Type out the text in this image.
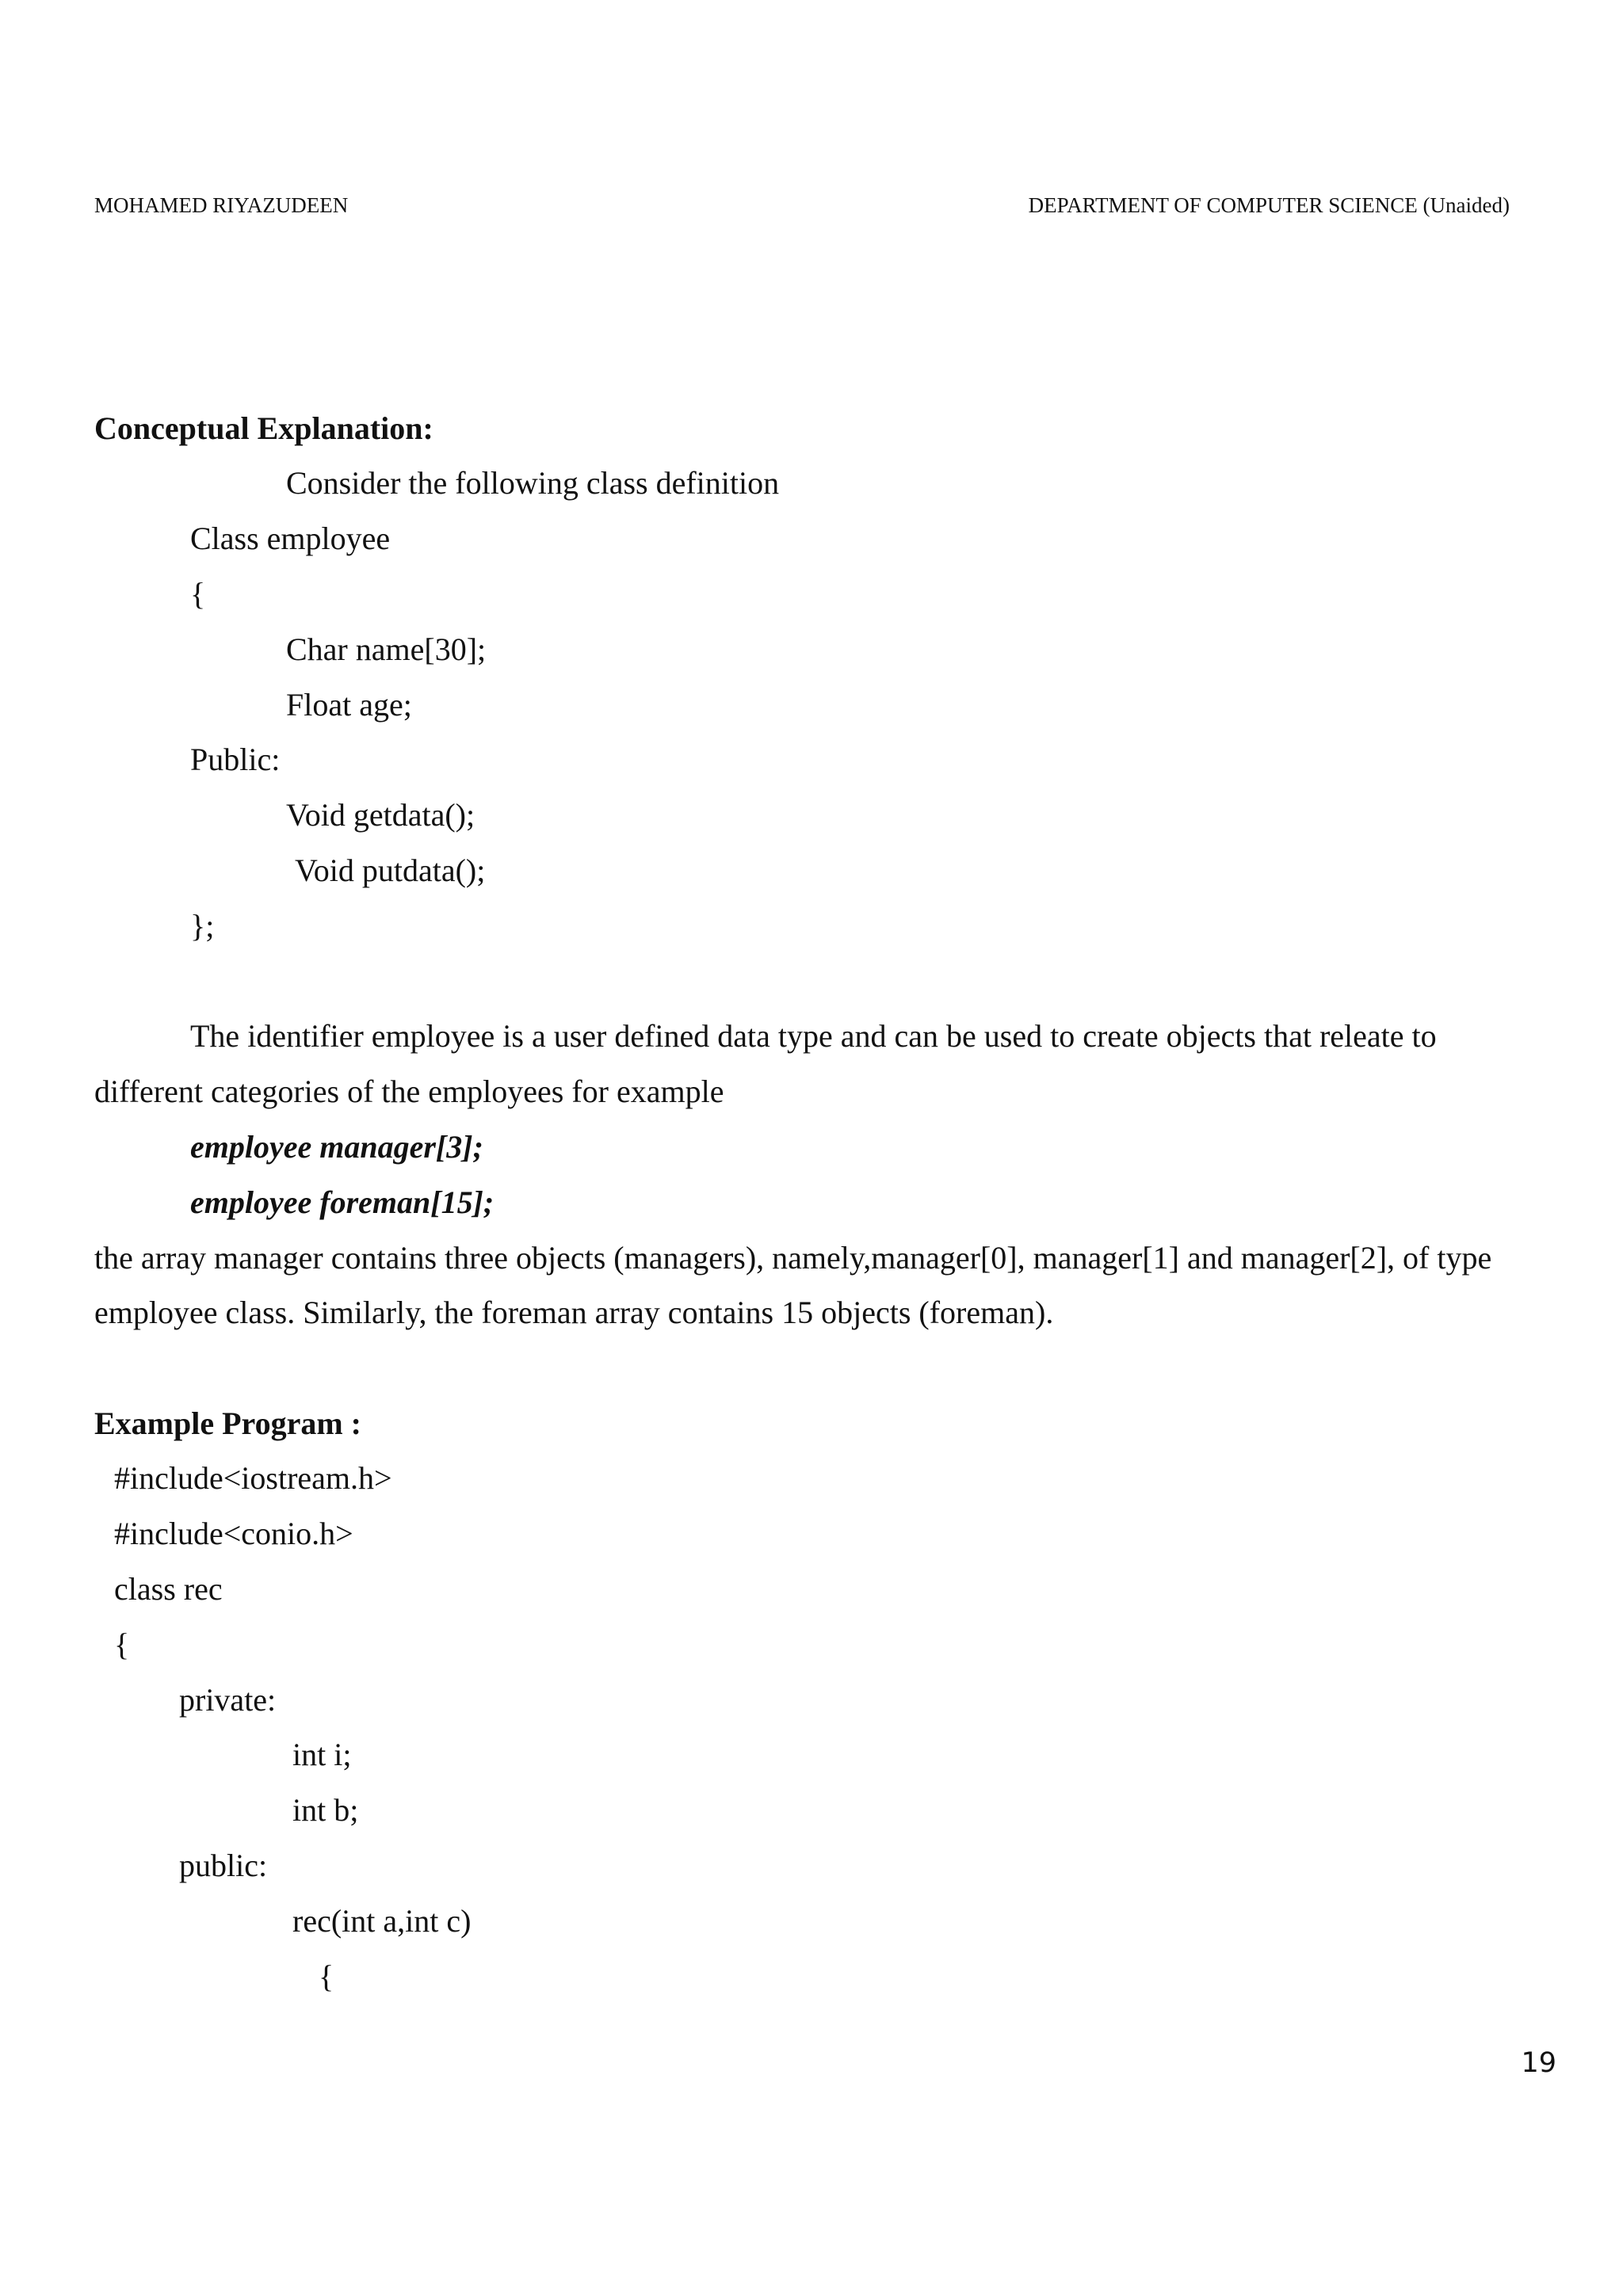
MOHAMED RIYAZUDEEN	DEPARTMENT OF COMPUTER SCIENCE (Unaided)
Conceptual Explanation:
Consider the following class definition
Class employee
{
Char name[30];
Float age;
Public:
Void getdata();
Void putdata();
};
The identifier employee is a user defined data type and can be used to create objects that releate to
different categories of the employees for example
employee manager[3];
employee foreman[15];
the array manager contains three objects (managers), namely,manager[0], manager[1] and manager[2], of type
employee class. Similarly, the foreman array contains 15 objects (foreman).
Example Program :
#include<iostream.h>
#include<conio.h>
class rec
{
private:
int i;
int b;
public:
rec(int a,int c)
{
19
